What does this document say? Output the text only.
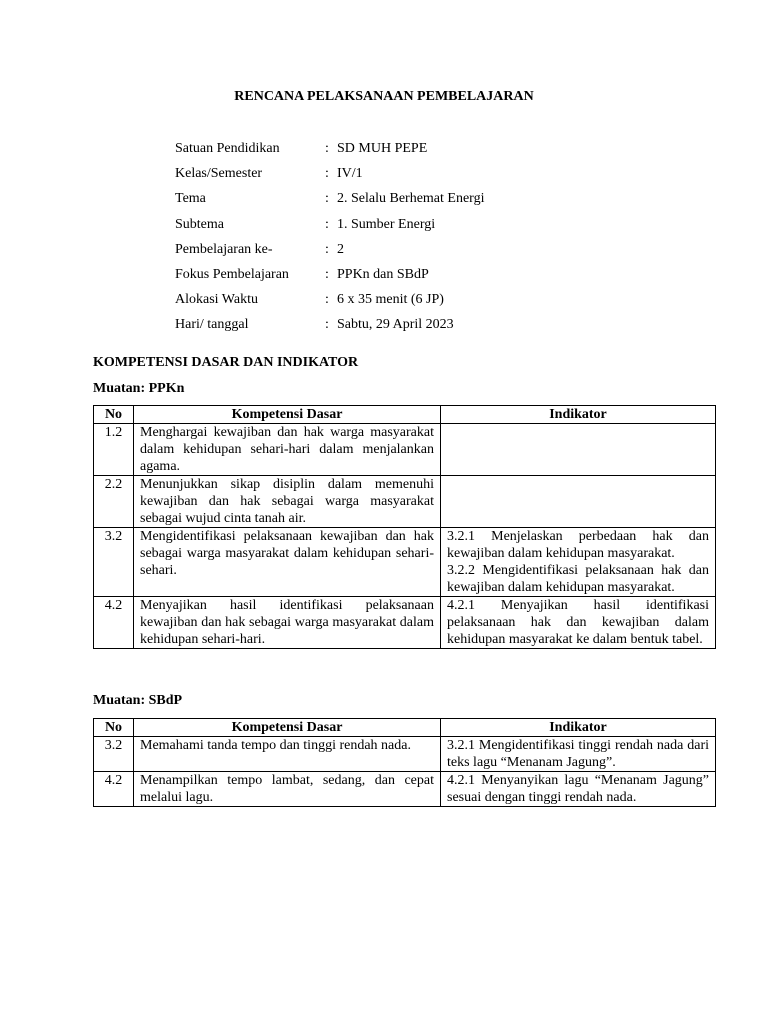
RENCANA PELAKSANAAN PEMBELAJARAN
Satuan Pendidikan	:	SD MUH PEPE
Kelas/Semester	:	IV/1
Tema	:	2. Selalu Berhemat Energi
Subtema	:	1. Sumber Energi
Pembelajaran ke-	:	2
Fokus Pembelajaran	:	PPKn dan SBdP
Alokasi Waktu	:	6 x 35 menit (6 JP)
Hari/ tanggal	:	Sabtu, 29 April 2023
KOMPETENSI DASAR DAN INDIKATOR
Muatan: PPKn
No	Kompetensi Dasar	Indikator
1.2	Menghargai kewajiban dan hak warga masyarakat dalam kehidupan sehari-hari dalam menjalankan agama.	
2.2	Menunjukkan sikap disiplin dalam memenuhi kewajiban dan hak sebagai warga masyarakat sebagai wujud cinta tanah air.	
3.2	Mengidentifikasi pelaksanaan kewajiban dan hak sebagai warga masyarakat dalam kehidupan sehari-sehari.	3.2.1 Menjelaskan perbedaan hak dan kewajiban dalam kehidupan masyarakat.
3.2.2 Mengidentifikasi pelaksanaan hak dan kewajiban dalam kehidupan masyarakat.

4.2	Menyajikan hasil identifikasi pelaksanaan kewajiban dan hak sebagai warga masyarakat dalam kehidupan sehari-hari.	4.2.1 Menyajikan hasil identifikasi pelaksanaan hak dan kewajiban dalam kehidupan masyarakat ke dalam bentuk tabel.
Muatan: SBdP
No	Kompetensi Dasar	Indikator
3.2	Memahami tanda tempo dan tinggi rendah nada.	3.2.1 Mengidentifikasi tinggi rendah nada dari teks lagu “Menanam Jagung”.

4.2	Menampilkan tempo lambat, sedang, dan cepat melalui lagu.	4.2.1 Menyanyikan lagu “Menanam Jagung” sesuai dengan tinggi rendah nada.
